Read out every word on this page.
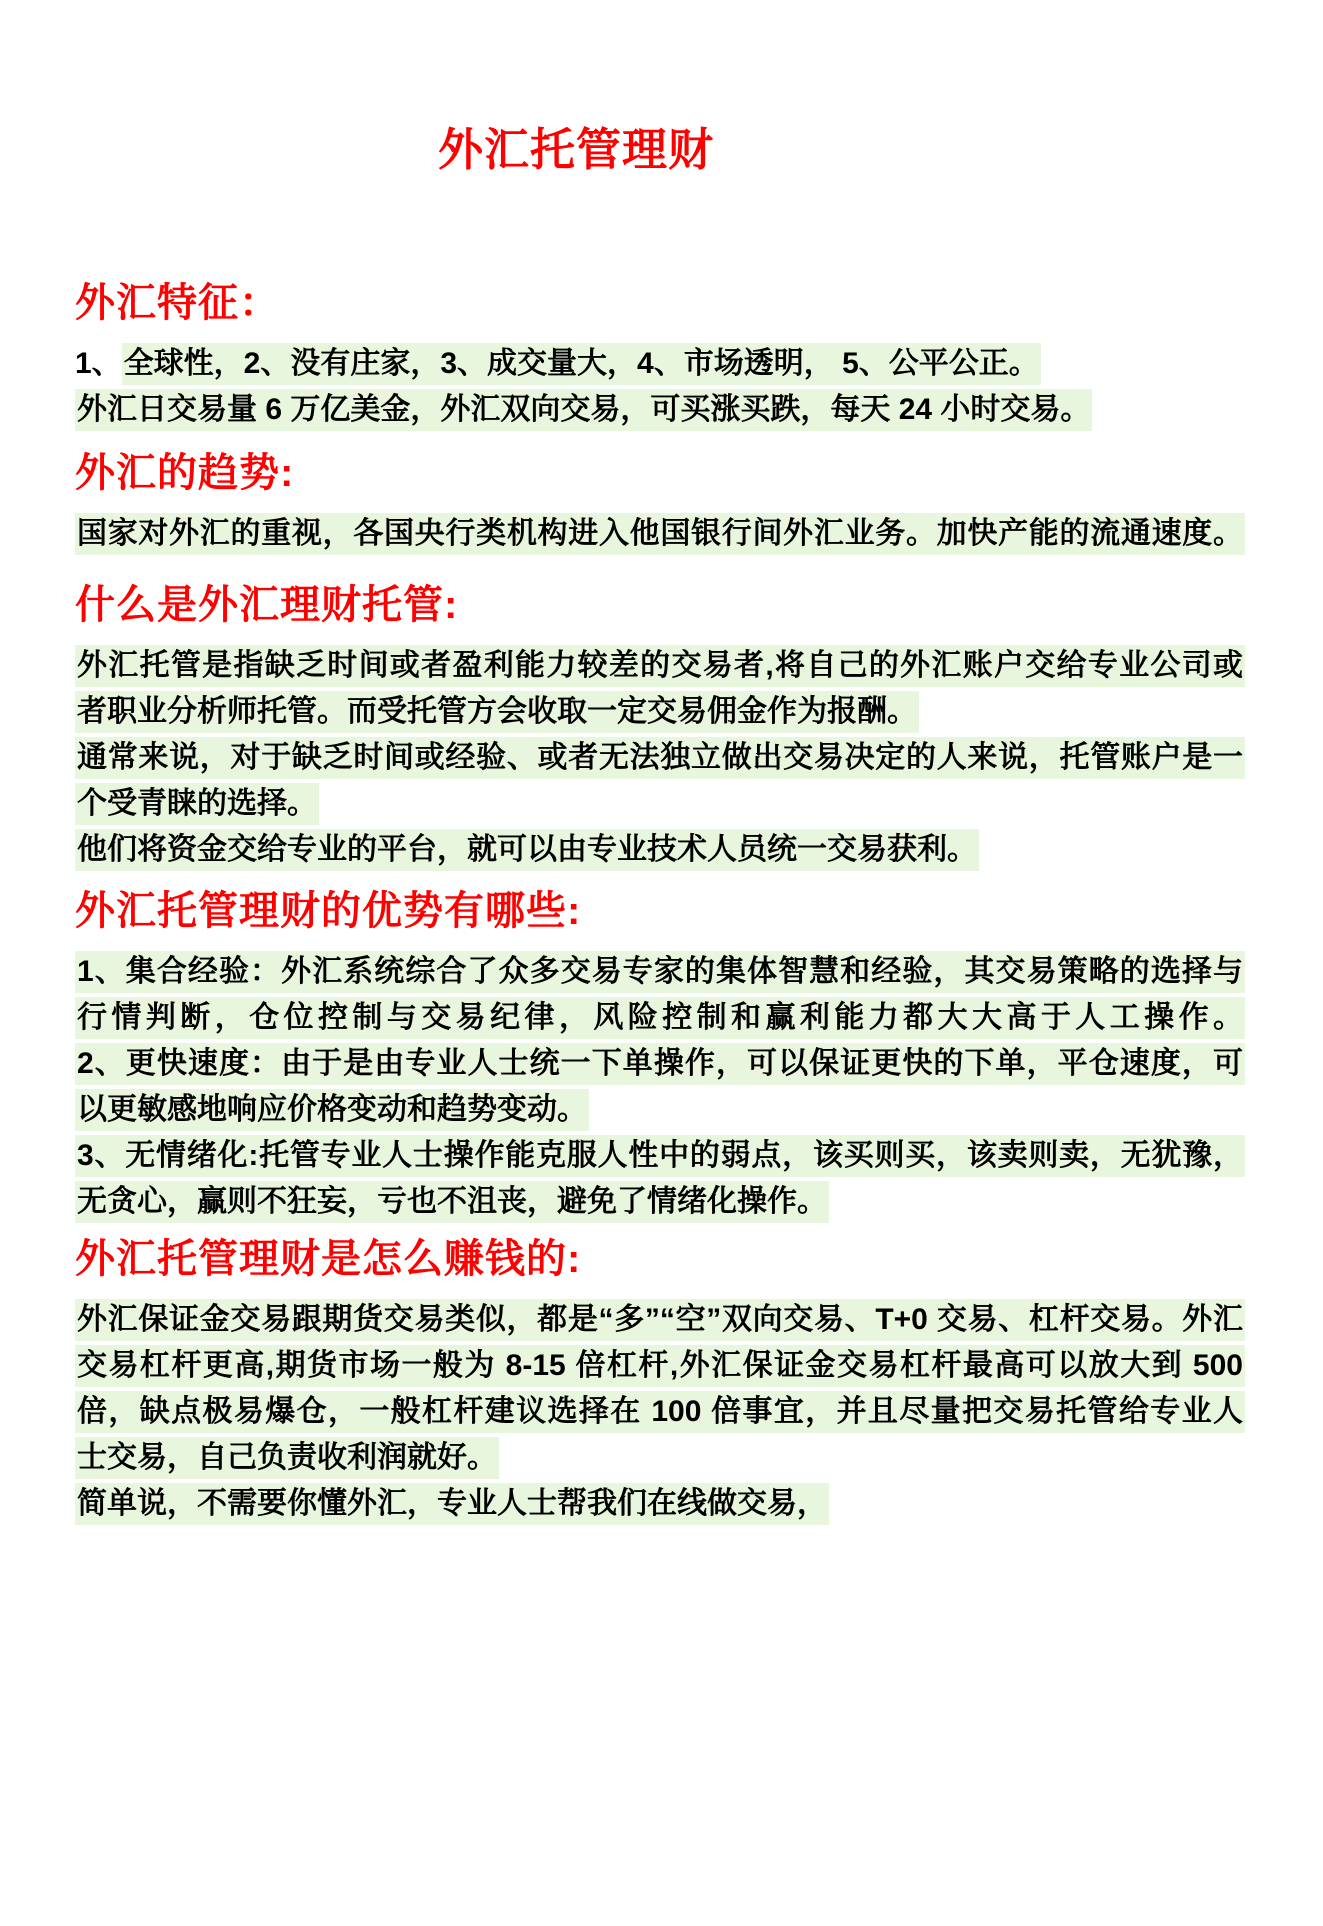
外汇托管理财
外汇特征：
1、全球性，2、没有庄家，3、成交量大，4、市场透明， 5、公平公正。
外汇日交易量 6 万亿美金，外汇双向交易，可买涨买跌，每天 24 小时交易。
外汇的趋势:
国家对外汇的重视，各国央行类机构进入他国银行间外汇业务。加快产能的流通速度。
什么是外汇理财托管:
外汇托管是指缺乏时间或者盈利能力较差的交易者,将自己的外汇账户交给专业公司或
者职业分析师托管。而受托管方会收取一定交易佣金作为报酬。
通常来说，对于缺乏时间或经验、或者无法独立做出交易决定的人来说，托管账户是一
个受青睐的选择。
他们将资金交给专业的平台，就可以由专业技术人员统一交易获利。
外汇托管理财的优势有哪些:
1、集合经验：外汇系统综合了众多交易专家的集体智慧和经验，其交易策略的选择与
行情判断，仓位控制与交易纪律，风险控制和赢利能力都大大高于人工操作。
2、更快速度：由于是由专业人士统一下单操作，可以保证更快的下单，平仓速度，可
以更敏感地响应价格变动和趋势变动。
3、无情绪化:托管专业人士操作能克服人性中的弱点，该买则买，该卖则卖，无犹豫，
无贪心，赢则不狂妄，亏也不沮丧，避免了情绪化操作。
外汇托管理财是怎么赚钱的:
外汇保证金交易跟期货交易类似，都是“多”“空”双向交易、T+0 交易、杠杆交易。外汇
交易杠杆更高,期货市场一般为 8-15 倍杠杆,外汇保证金交易杠杆最高可以放大到 500
倍，缺点极易爆仓，一般杠杆建议选择在 100 倍事宜，并且尽量把交易托管给专业人
士交易，自己负责收利润就好。
简单说，不需要你懂外汇，专业人士帮我们在线做交易，
